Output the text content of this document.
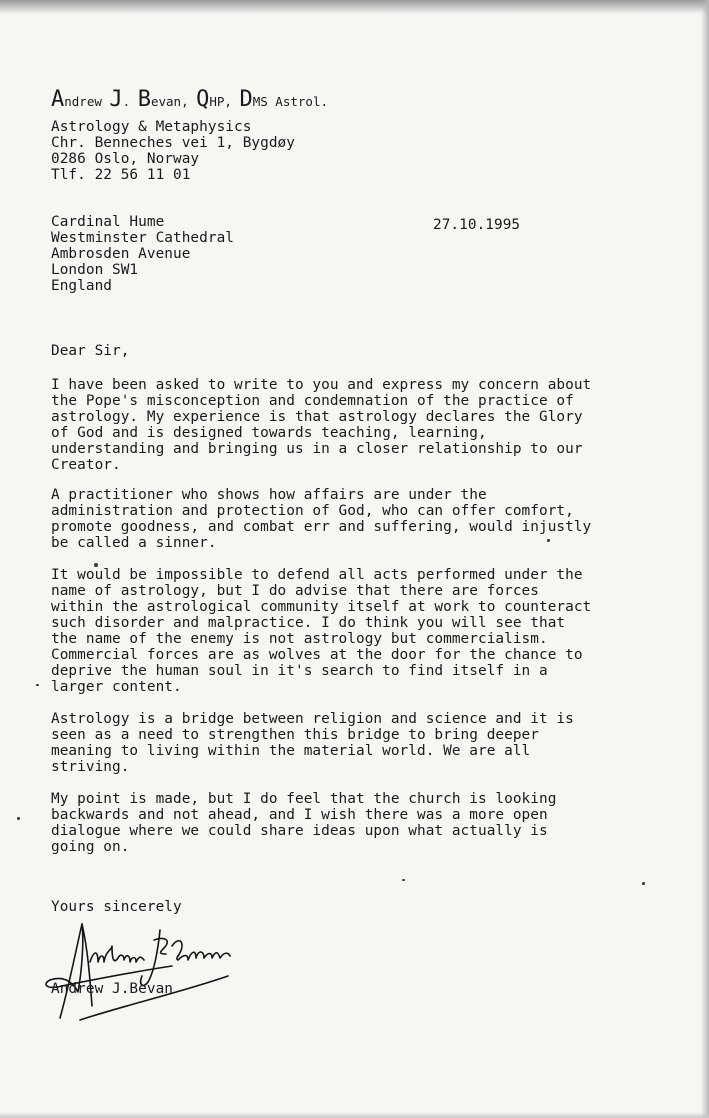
Andrew J. Bevan, QHP, DMS Astrol.
Astrology & Metaphysics
Chr. Benneches vei 1, Bygdøy
0286 Oslo, Norway
Tlf. 22 56 11 01
Cardinal Hume
Westminster Cathedral
Ambrosden Avenue
London SW1
England
27.10.1995
Dear Sir,
I have been asked to write to you and express my concern about
the Pope's misconception and condemnation of the practice of
astrology. My experience is that astrology declares the Glory
of God and is designed towards teaching, learning,
understanding and bringing us in a closer relationship to our
Creator.
A practitioner who shows how affairs are under the
administration and protection of God, who can offer comfort,
promote goodness, and combat err and suffering, would injustly
be called a sinner.
It would be impossible to defend all acts performed under the
name of astrology, but I do advise that there are forces
within the astrological community itself at work to counteract
such disorder and malpractice. I do think you will see that
the name of the enemy is not astrology but commercialism.
Commercial forces are as wolves at the door for the chance to
deprive the human soul in it's search to find itself in a
larger content.
Astrology is a bridge between religion and science and it is
seen as a need to strengthen this bridge to bring deeper
meaning to living within the material world. We are all
striving.
My point is made, but I do feel that the church is looking
backwards and not ahead, and I wish there was a more open
dialogue where we could share ideas upon what actually is
going on.
Yours sincerely
Andrew J.Bevan
